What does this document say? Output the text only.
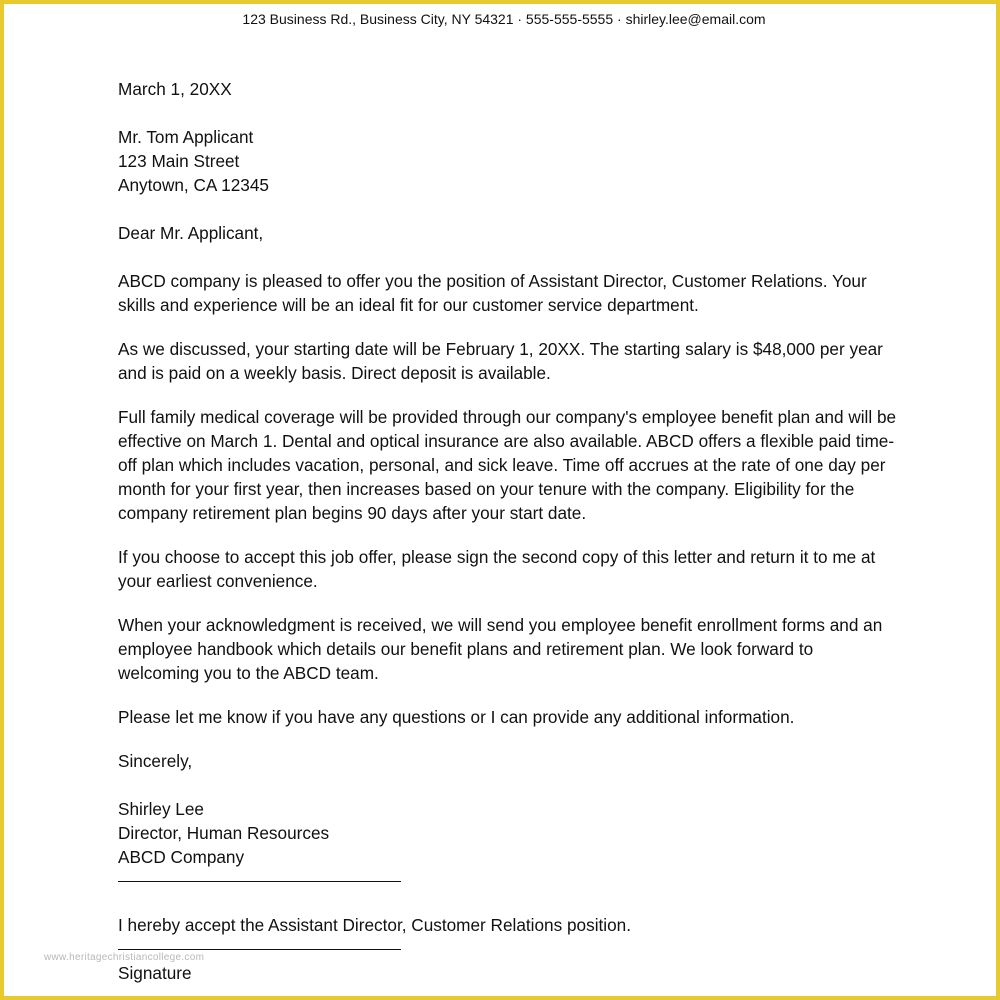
123 Business Rd., Business City, NY 54321 · 555-555-5555 · shirley.lee@email.com

March 1, 20XX

Mr. Tom Applicant

123 Main Street

Anytown, CA 12345

Dear Mr. Applicant,

ABCD company is pleased to offer you the position of Assistant Director, Customer Relations. Your skills and experience will be an ideal fit for our customer service department.

As we discussed, your starting date will be February 1, 20XX. The starting salary is $48,000 per year and is paid on a weekly basis. Direct deposit is available.

Full family medical coverage will be provided through our company's employee benefit plan and will be effective on March 1. Dental and optical insurance are also available. ABCD offers a flexible paid time-off plan which includes vacation, personal, and sick leave. Time off accrues at the rate of one day per month for your first year, then increases based on your tenure with the company. Eligibility for the company retirement plan begins 90 days after your start date.

If you choose to accept this job offer, please sign the second copy of this letter and return it to me at your earliest convenience.

When your acknowledgment is received, we will send you employee benefit enrollment forms and an employee handbook which details our benefit plans and retirement plan. We look forward to welcoming you to the ABCD team.

Please let me know if you have any questions or I can provide any additional information.

Sincerely,

Shirley Lee

Director, Human Resources

ABCD Company

I hereby accept the Assistant Director, Customer Relations position.

Signature

www.heritagechristiancollege.com
